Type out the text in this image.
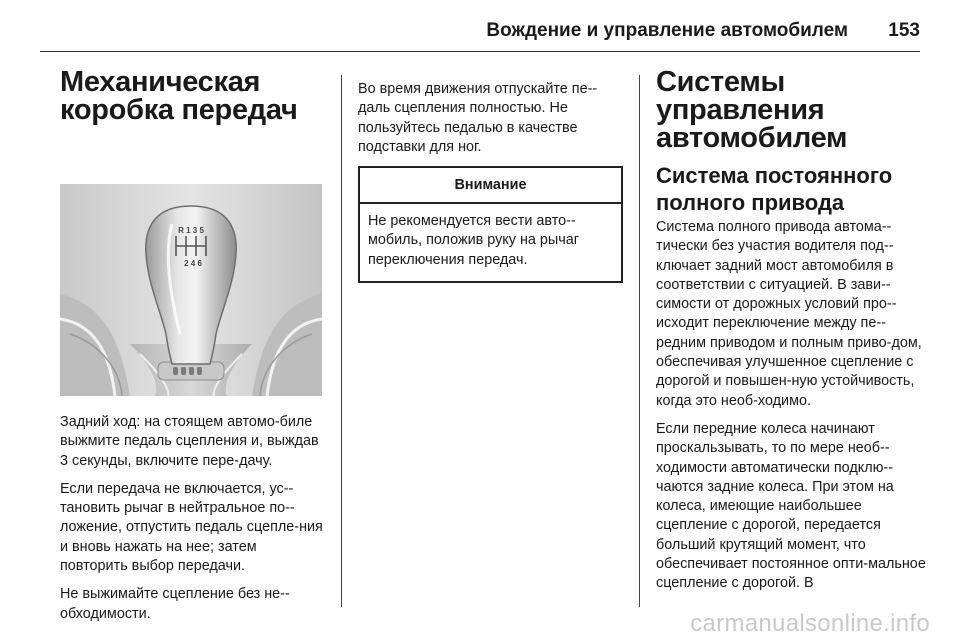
Вождение и управление автомобилем 153
Механическая
коробка передач
R 1 3 5
2 4 6

Задний ход: на стоящем автомо-биле выжмите педаль сцепления и, выждав 3 секунды, включите пере-дачу.

Если передача не включается, ус-тановить рычаг в нейтральное по-ложение, отпустить педаль сцепле-ния и вновь нажать на нее; затем повторить выбор передачи.

Не выжимайте сцепление без не-обходимости.

Во время движения отпускайте пе-даль сцепления полностью. Не пользуйтесь педалью в качестве подставки для ног.

Внимание

Не рекомендуется вести авто-мобиль, положив руку на рычаг переключения передач.

Системы управления
автомобилем
Система постоянного
полного привода

Система полного привода автома-тически без участия водителя под-ключает задний мост автомобиля в соответствии с ситуацией. В зави-симости от дорожных условий про-исходит переключение между пе-редним приводом и полным приво-дом, обеспечивая улучшенное сцепление с дорогой и повышен-ную устойчивость, когда это необ-ходимо.

Если передние колеса начинают проскальзывать, то по мере необ-ходимости автоматически подклю-чаются задние колеса. При этом на колеса, имеющие наибольшее сцепление с дорогой, передается больший крутящий момент, что обеспечивает постоянное опти-мальное сцепление с дорогой. В

carmanualsonline.info
